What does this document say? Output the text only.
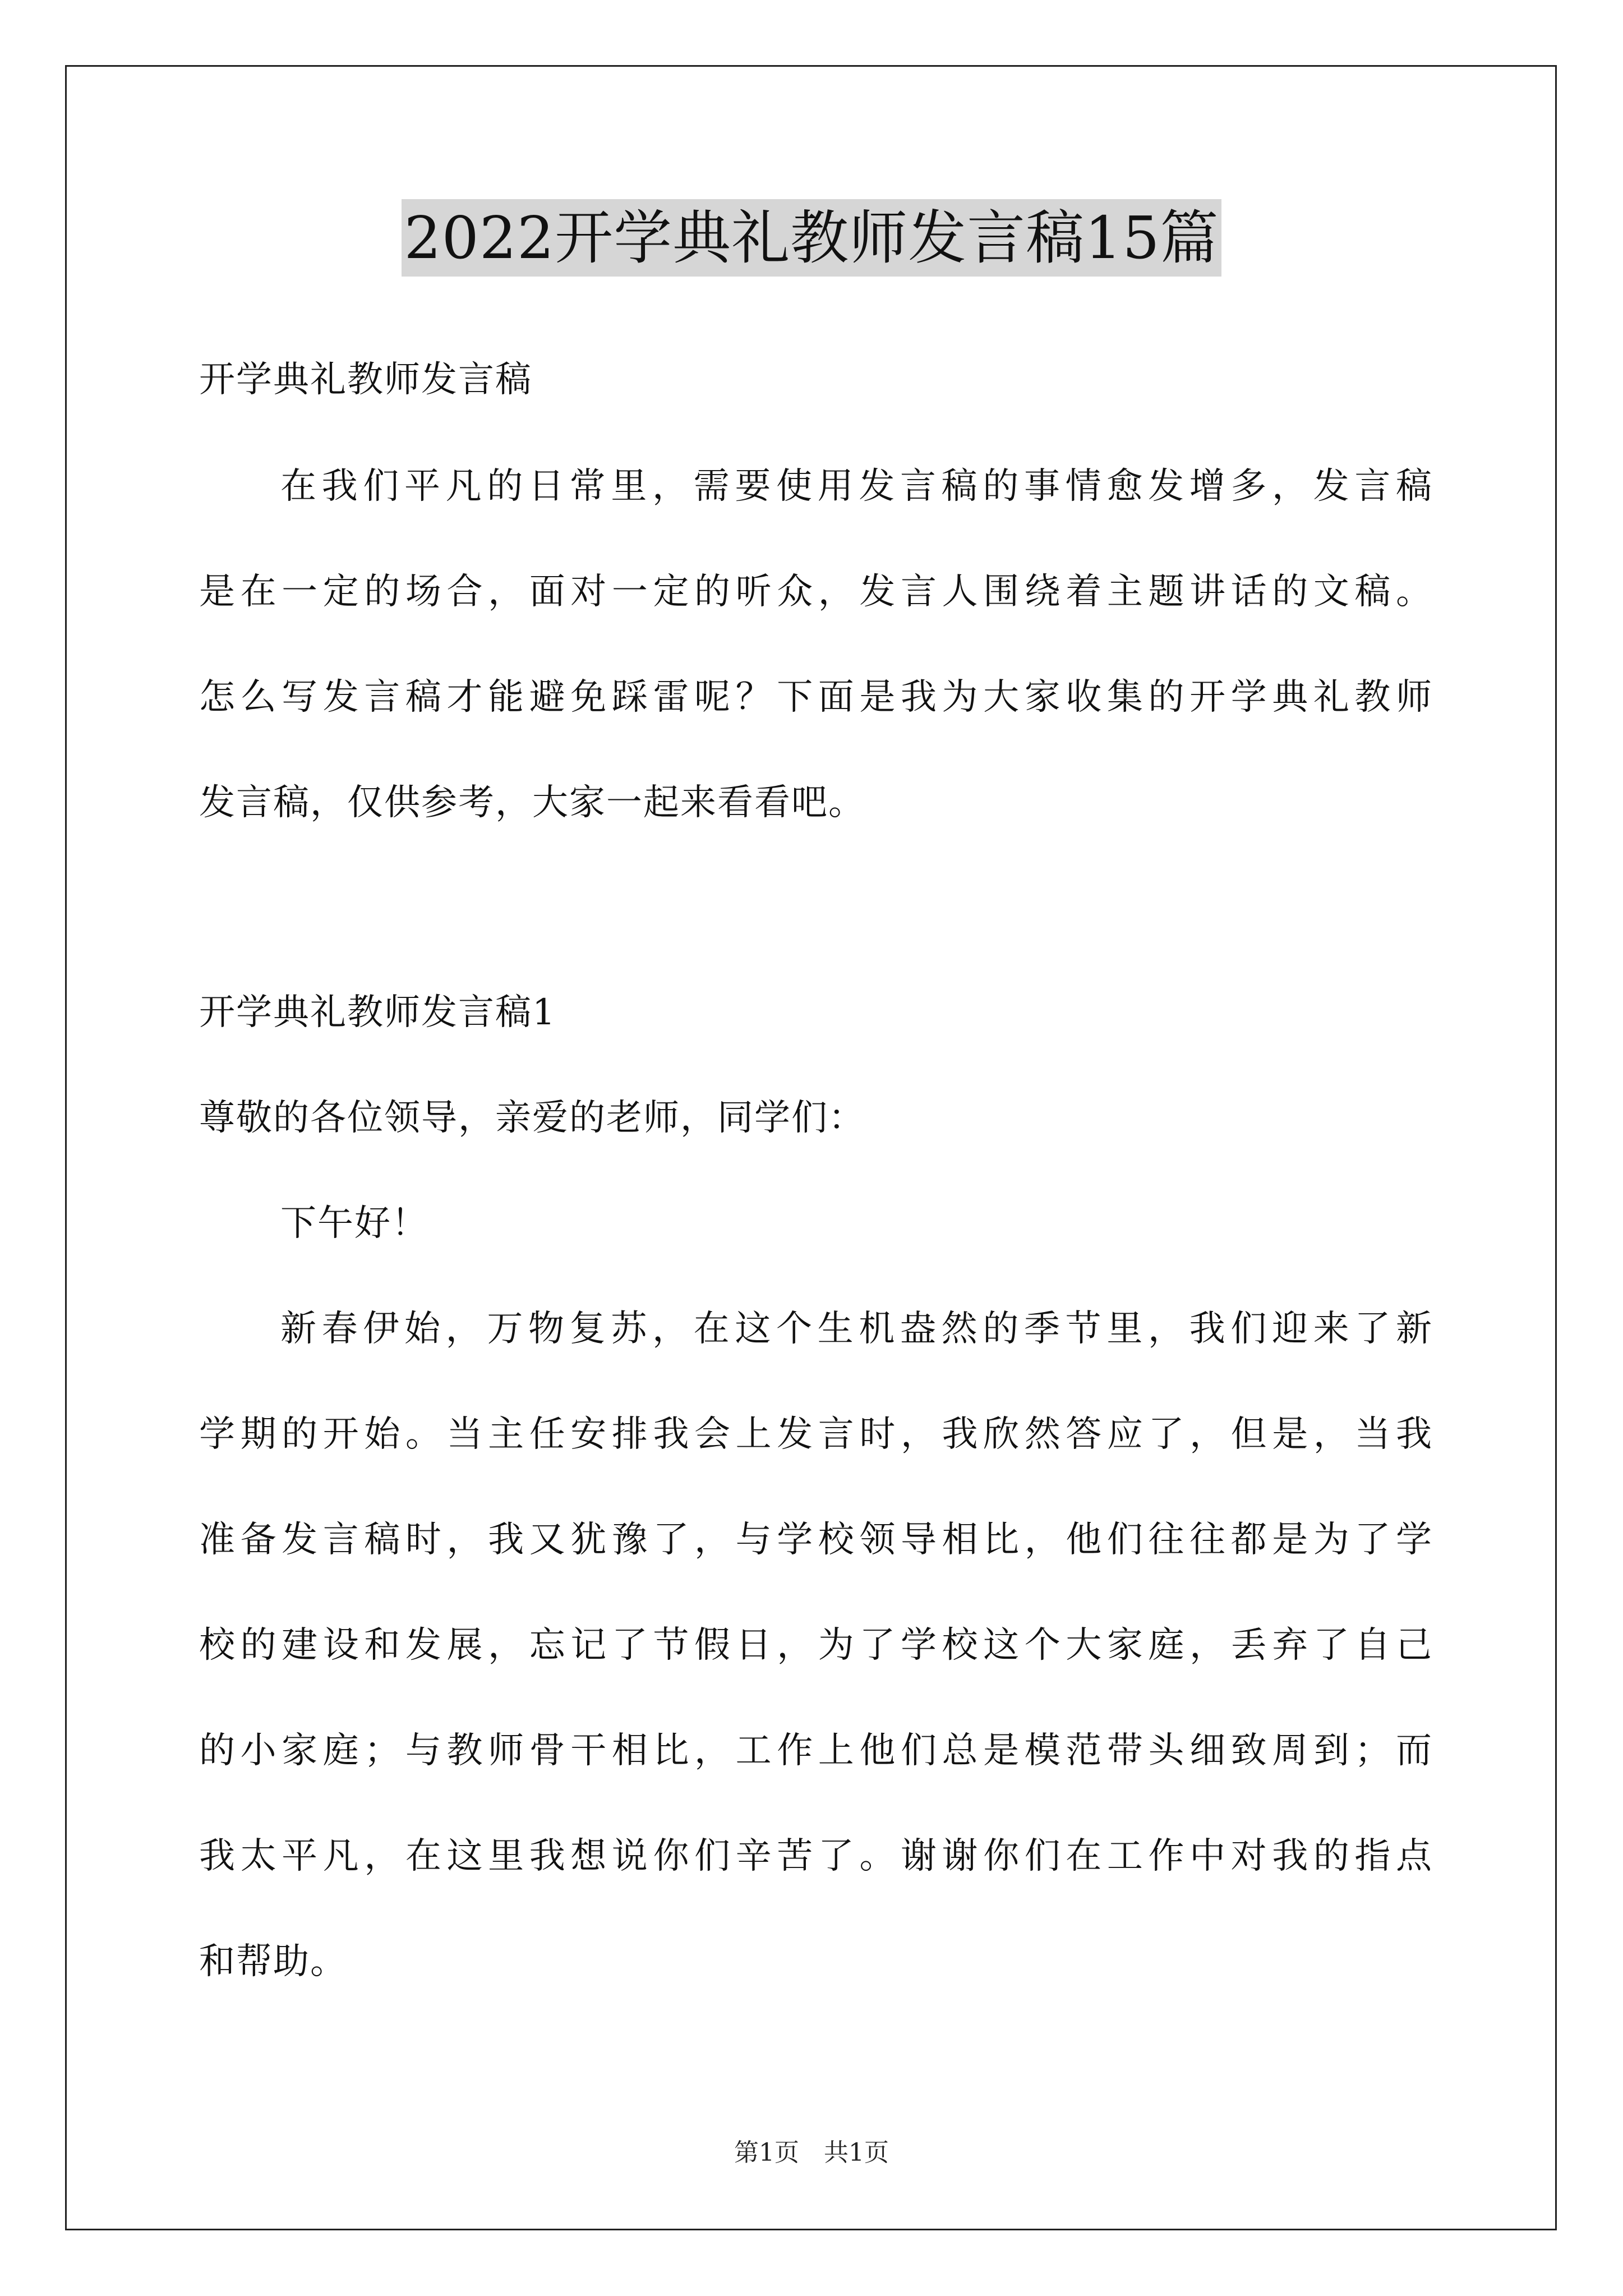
2022开学典礼教师发言稿15篇
开学典礼教师发言稿
在我们平凡的日常里，需要使用发言稿的事情愈发增多，发言稿
是在一定的场合，面对一定的听众，发言人围绕着主题讲话的文稿。
怎么写发言稿才能避免踩雷呢？下面是我为大家收集的开学典礼教师
发言稿，仅供参考，大家一起来看看吧。
开学典礼教师发言稿1
尊敬的各位领导，亲爱的老师，同学们：
下午好！
新春伊始，万物复苏，在这个生机盎然的季节里，我们迎来了新
学期的开始。当主任安排我会上发言时，我欣然答应了，但是，当我
准备发言稿时，我又犹豫了，与学校领导相比，他们往往都是为了学
校的建设和发展，忘记了节假日，为了学校这个大家庭，丢弃了自己
的小家庭；与教师骨干相比，工作上他们总是模范带头细致周到；而
我太平凡，在这里我想说你们辛苦了。谢谢你们在工作中对我的指点
和帮助。
第1页　共1页
